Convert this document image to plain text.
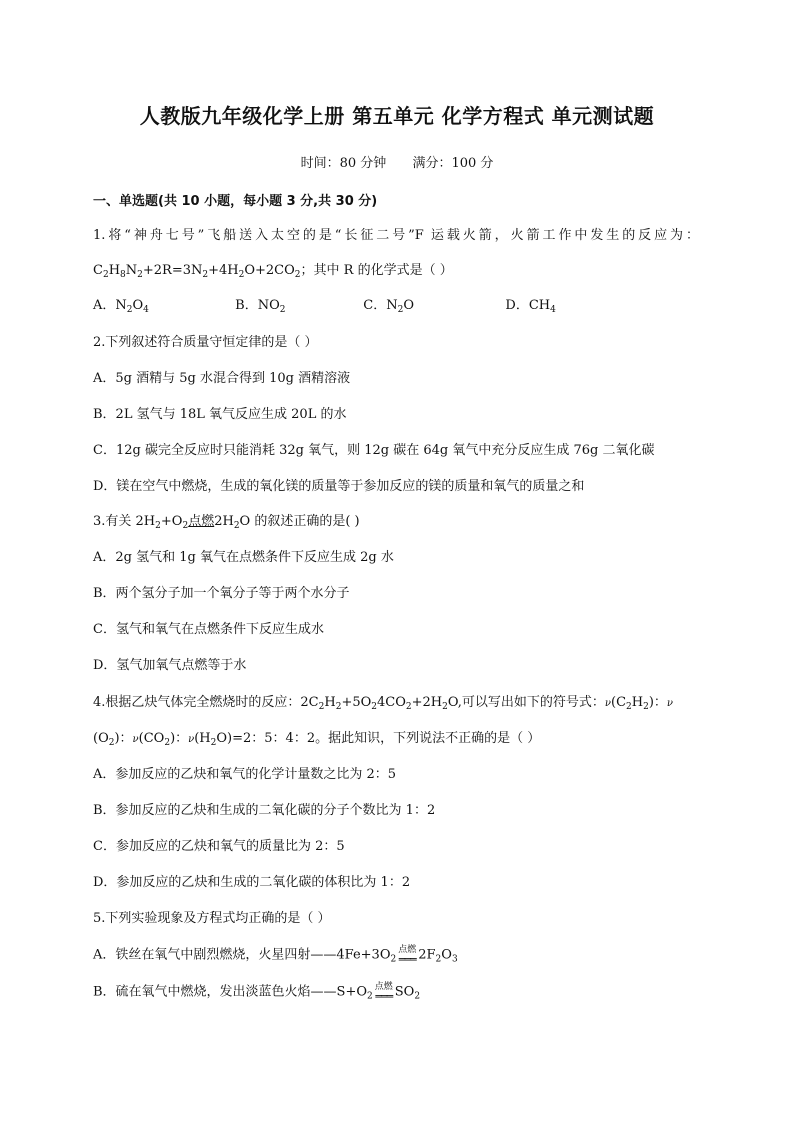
人教版九年级化学上册 第五单元 化学方程式 单元测试题
时间：80 分钟 满分：100 分
一、单选题(共 10 小题，每小题 3 分,共 30 分)
1.将“神舟七号”飞船送入太空的是“长征二号”F 运载火箭，火箭工作中发生的反应为：
$C_2H_8N_2+2R=3N_2+4H_2O+2CO_2$；其中 R 的化学式是（ ）
A．$N_2O_4$	B．$NO_2$	C．$N_2O$	D．$CH_4$
2.下列叙述符合质量守恒定律的是（ ）
A．5g 酒精与 5g 水混合得到 10g 酒精溶液
B．2L 氢气与 18L 氧气反应生成 20L 的水
C．12g 碳完全反应时只能消耗 32g 氧气，则 12g 碳在 64g 氧气中充分反应生成 76g 二氧化碳
D．镁在空气中燃烧，生成的氧化镁的质量等于参加反应的镁的质量和氧气的质量之和
3.有关 $2H_2+O_2$点燃$2H_2O$ 的叙述正确的是( )
A．2g 氢气和 1g 氧气在点燃条件下反应生成 2g 水
B．两个氢分子加一个氧分子等于两个水分子
C．氢气和氧气在点燃条件下反应生成水
D．氢气加氧气点燃等于水
4.根据乙炔气体完全燃烧时的反应：$2C_2H_2+5O_24CO_2+2H_2O$,可以写出如下的符号式：$\nu(C_2H_2)$：ν
$(O_2)$：$\nu(CO_2)$：$\nu(H_2O)=2$：5：4：2。据此知识，下列说法不正确的是（ ）
A．参加反应的乙炔和氧气的化学计量数之比为 2：5
B．参加反应的乙炔和生成的二氧化碳的分子个数比为 1：2
C．参加反应的乙炔和氧气的质量比为 2：5
D．参加反应的乙炔和生成的二氧化碳的体积比为 1：2
5.下列实验现象及方程式均正确的是（ ）
A．铁丝在氧气中剧烈燃烧，火星四射$——4Fe+3O_2$
点燃
═══ $2F_2O_3$
B．硫在氧气中燃烧，发出淡蓝色火焰$——S+O_2$
点燃
═══ $SO_2$
